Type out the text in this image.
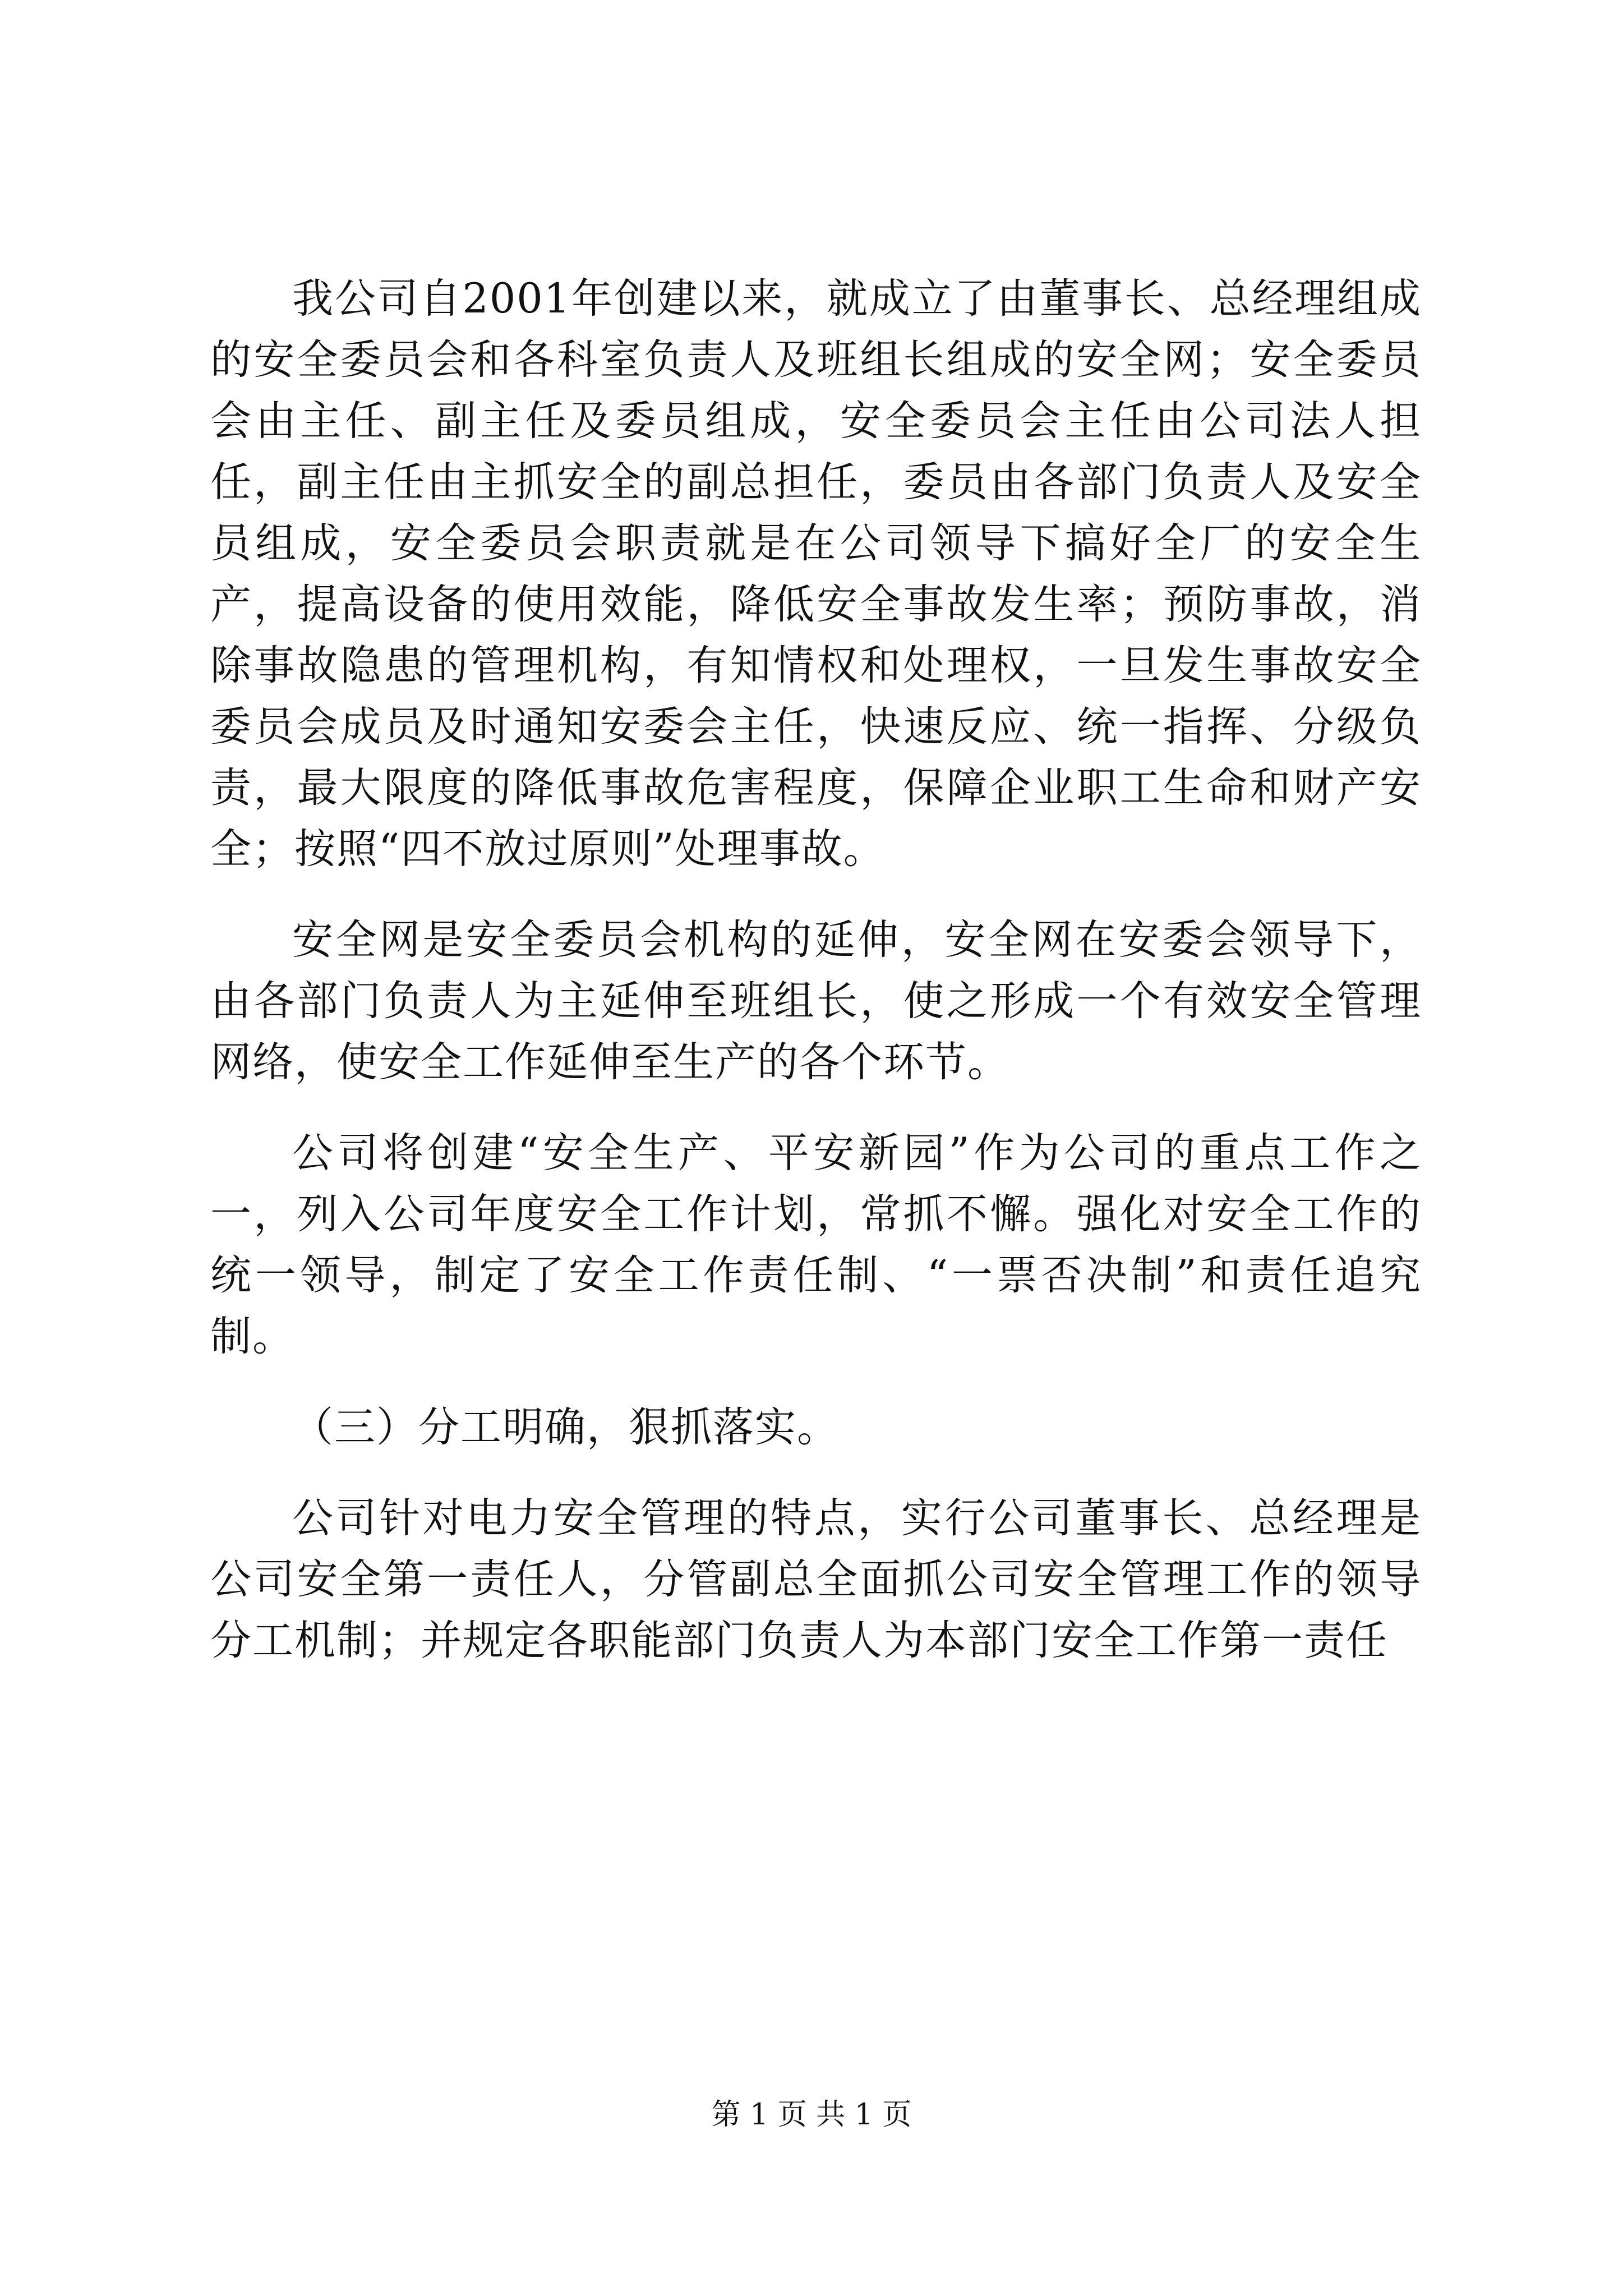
我公司自2001年创建以来，就成立了由董事长、总经理组成的安全委员会和各科室负责人及班组长组成的安全网；安全委员会由主任、副主任及委员组成，安全委员会主任由公司法人担任，副主任由主抓安全的副总担任，委员由各部门负责人及安全员组成，安全委员会职责就是在公司领导下搞好全厂的安全生产，提高设备的使用效能，降低安全事故发生率；预防事故，消除事故隐患的管理机构，有知情权和处理权，一旦发生事故安全委员会成员及时通知安委会主任，快速反应、统一指挥、分级负责，最大限度的降低事故危害程度，保障企业职工生命和财产安全；按照“四不放过原则”处理事故。

安全网是安全委员会机构的延伸，安全网在安委会领导下，由各部门负责人为主延伸至班组长，使之形成一个有效安全管理网络，使安全工作延伸至生产的各个环节。

公司将创建“安全生产、平安新园”作为公司的重点工作之一，列入公司年度安全工作计划，常抓不懈。强化对安全工作的统一领导，制定了安全工作责任制、“一票否决制”和责任追究制。

（三）分工明确，狠抓落实。

公司针对电力安全管理的特点，实行公司董事长、总经理是公司安全第一责任人，分管副总全面抓公司安全管理工作的领导分工机制；并规定各职能部门负责人为本部门安全工作第一责任

第 1 页 共 1 页
